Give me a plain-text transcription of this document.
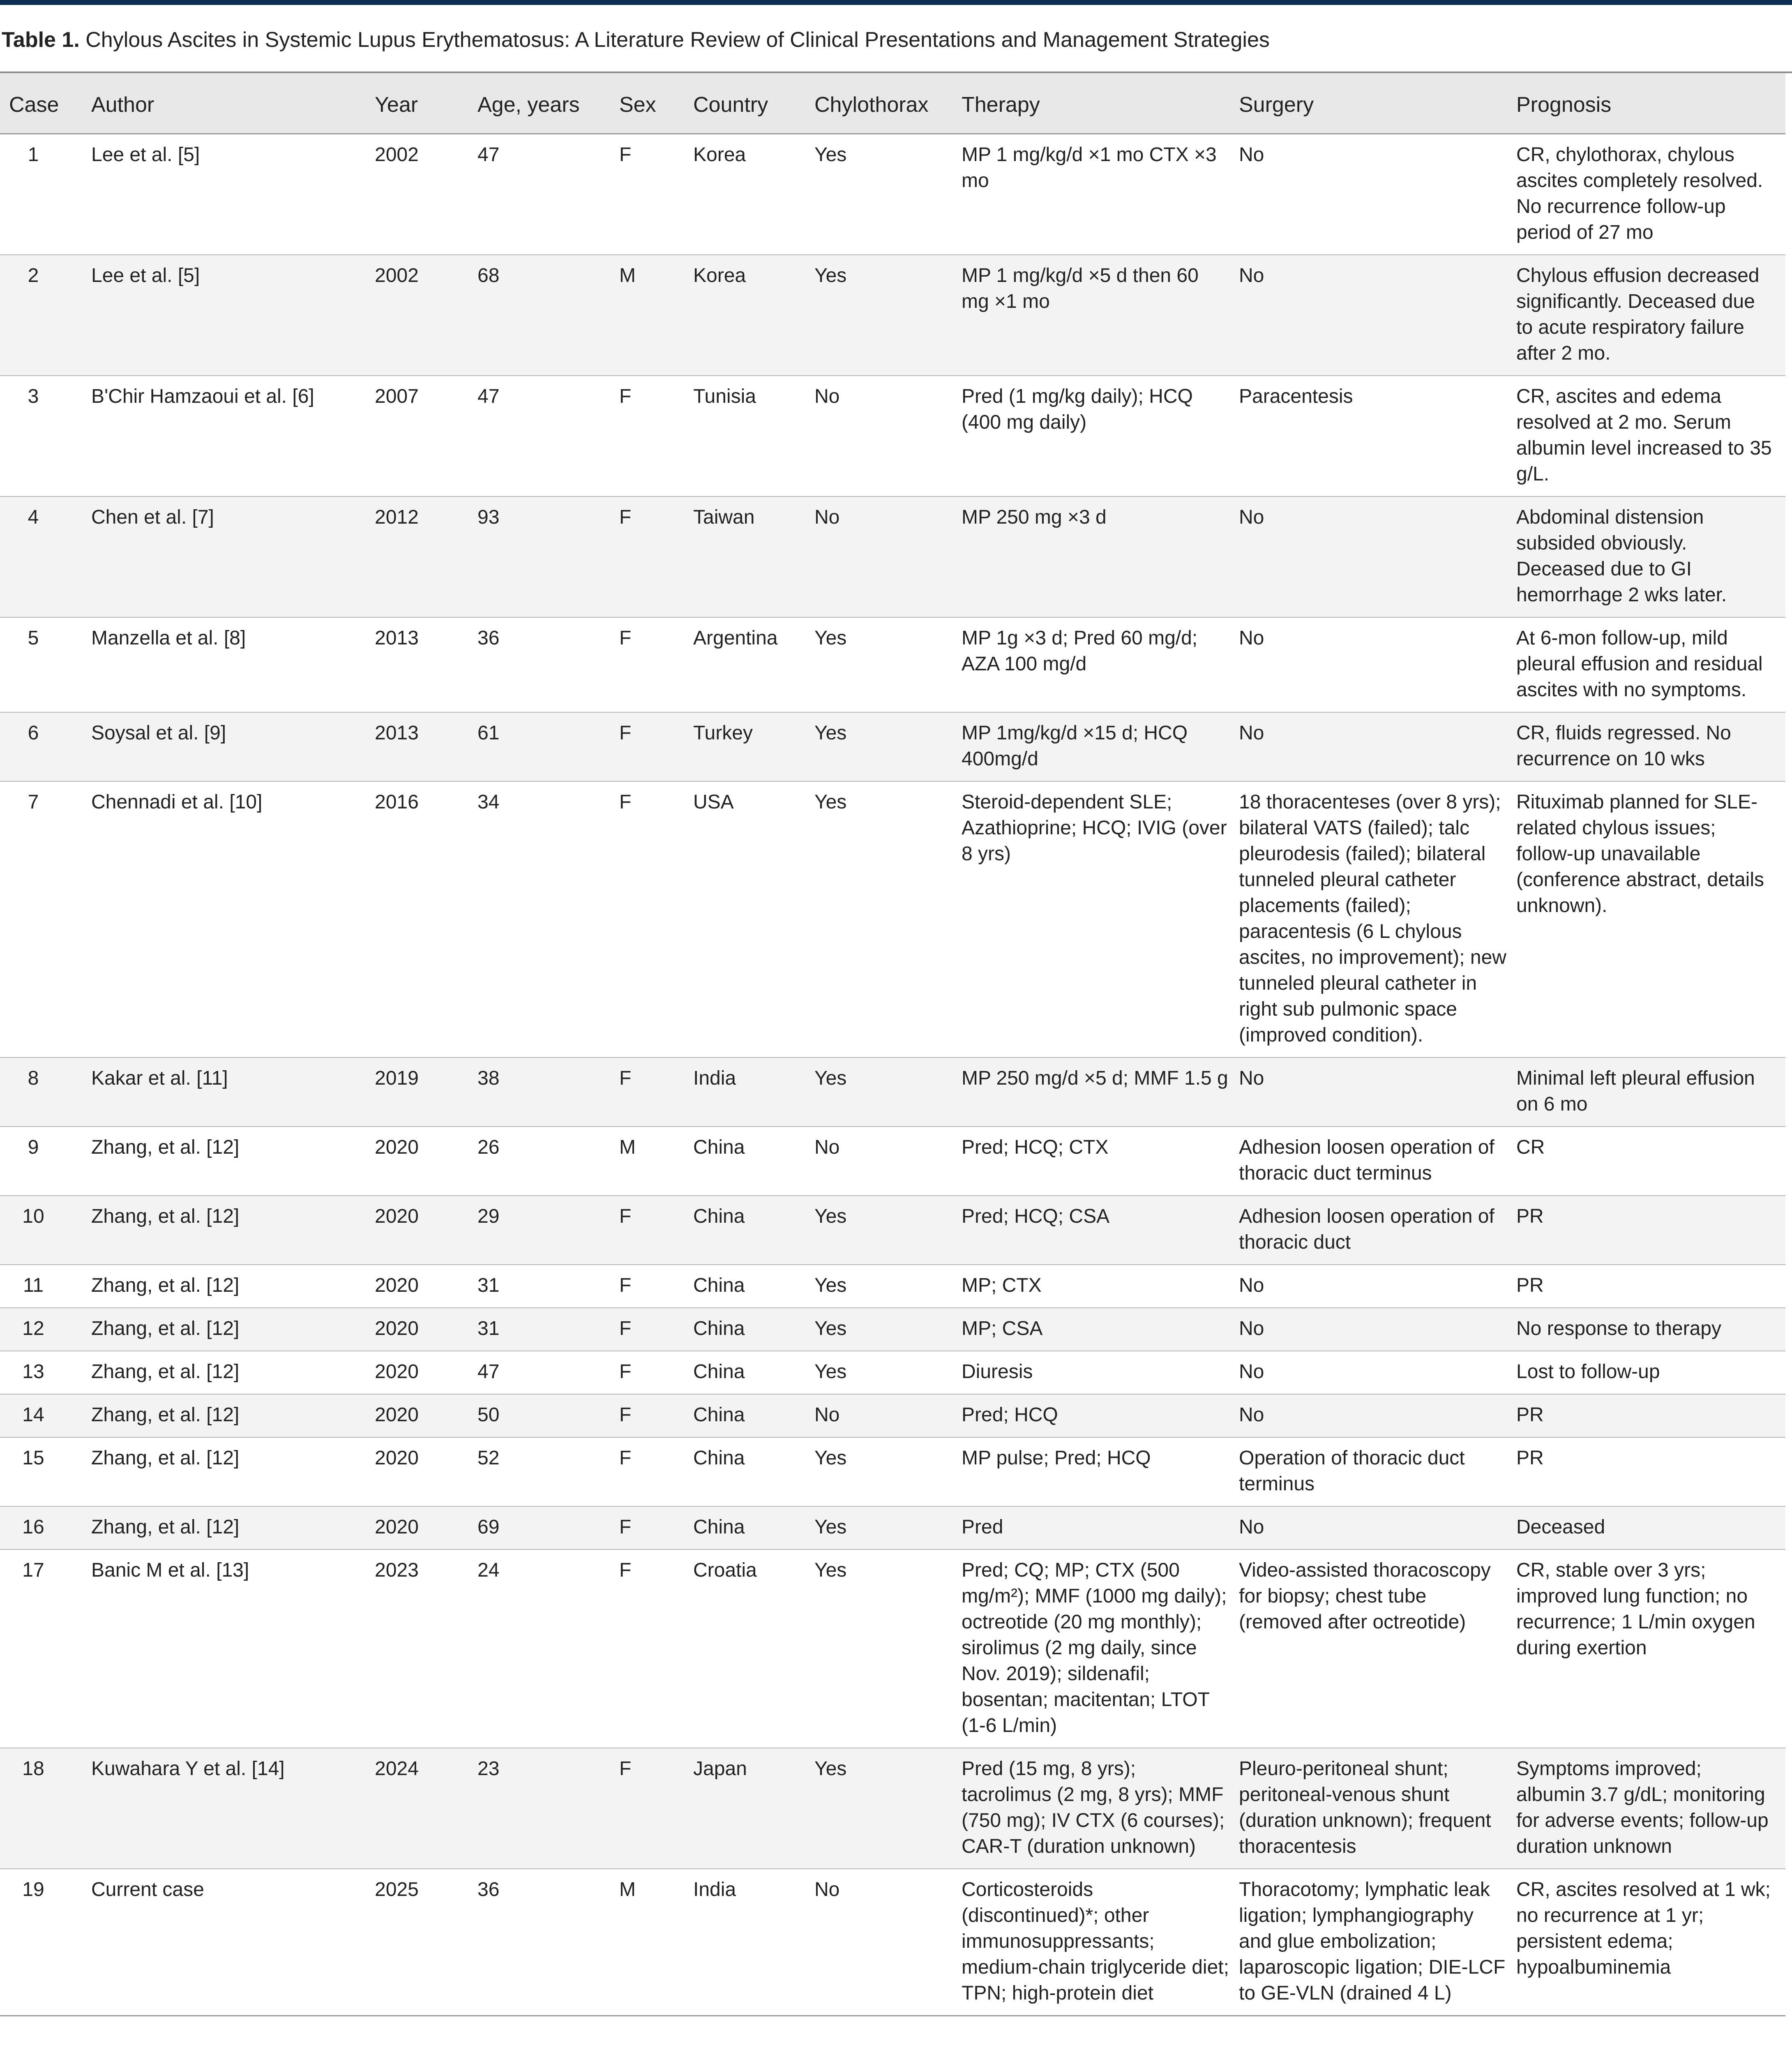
Table 1. Chylous Ascites in Systemic Lupus Erythematosus: A Literature Review of Clinical Presentations and Management Strategies
Case	Author	Year	Age, years	Sex	Country	Chylothorax	Therapy	Surgery	Prognosis
1	Lee et al. [5]	2002	47	F	Korea	Yes	MP 1 mg/kg/d ×1 mo CTX ×3 mo	No	CR, chylothorax, chylous ascites completely resolved. No recurrence follow-up period of 27 mo
2	Lee et al. [5]	2002	68	M	Korea	Yes	MP 1 mg/kg/d ×5 d then 60 mg ×1 mo	No	Chylous effusion decreased significantly. Deceased due to acute respiratory failure after 2 mo.
3	B'Chir Hamzaoui et al. [6]	2007	47	F	Tunisia	No	Pred (1 mg/kg daily); HCQ (400 mg daily)	Paracentesis	CR, ascites and edema resolved at 2 mo. Serum albumin level increased to 35 g/L.
4	Chen et al. [7]	2012	93	F	Taiwan	No	MP 250 mg ×3 d	No	Abdominal distension subsided obviously. Deceased due to GI hemorrhage 2 wks later.
5	Manzella et al. [8]	2013	36	F	Argentina	Yes	MP 1g ×3 d; Pred 60 mg/d; AZA 100 mg/d	No	At 6-mon follow-up, mild pleural effusion and residual ascites with no symptoms.
6	Soysal et al. [9]	2013	61	F	Turkey	Yes	MP 1mg/kg/d ×15 d; HCQ 400mg/d	No	CR, fluids regressed. No recurrence on 10 wks
7	Chennadi et al. [10]	2016	34	F	USA	Yes	Steroid-dependent SLE; Azathioprine; HCQ; IVIG (over 8 yrs)	18 thoracenteses (over 8 yrs); bilateral VATS (failed); talc pleurodesis (failed); bilateral tunneled pleural catheter placements (failed); paracentesis (6 L chylous ascites, no improvement); new tunneled pleural catheter in right sub pulmonic space (improved condition).	Rituximab planned for SLE-related chylous issues; follow-up unavailable (conference abstract, details unknown).
8	Kakar et al. [11]	2019	38	F	India	Yes	MP 250 mg/d ×5 d; MMF 1.5 g	No	Minimal left pleural effusion on 6 mo
9	Zhang, et al. [12]	2020	26	M	China	No	Pred; HCQ; CTX	Adhesion loosen operation of thoracic duct terminus	CR
10	Zhang, et al. [12]	2020	29	F	China	Yes	Pred; HCQ; CSA	Adhesion loosen operation of thoracic duct	PR
11	Zhang, et al. [12]	2020	31	F	China	Yes	MP; CTX	No	PR
12	Zhang, et al. [12]	2020	31	F	China	Yes	MP; CSA	No	No response to therapy
13	Zhang, et al. [12]	2020	47	F	China	Yes	Diuresis	No	Lost to follow-up
14	Zhang, et al. [12]	2020	50	F	China	No	Pred; HCQ	No	PR
15	Zhang, et al. [12]	2020	52	F	China	Yes	MP pulse; Pred; HCQ	Operation of thoracic duct terminus	PR
16	Zhang, et al. [12]	2020	69	F	China	Yes	Pred	No	Deceased
17	Banic M et al. [13]	2023	24	F	Croatia	Yes	Pred; CQ; MP; CTX (500 mg/m²); MMF (1000 mg daily); octreotide (20 mg monthly); sirolimus (2 mg daily, since Nov. 2019); sildenafil; bosentan; macitentan; LTOT (1-6 L/min)	Video-assisted thoracoscopy for biopsy; chest tube (removed after octreotide)	CR, stable over 3 yrs; improved lung function; no recurrence; 1 L/min oxygen during exertion
18	Kuwahara Y et al. [14]	2024	23	F	Japan	Yes	Pred (15 mg, 8 yrs); tacrolimus (2 mg, 8 yrs); MMF (750 mg); IV CTX (6 courses); CAR-T (duration unknown)	Pleuro-peritoneal shunt; peritoneal-venous shunt (duration unknown); frequent thoracentesis	Symptoms improved; albumin 3.7 g/dL; monitoring for adverse events; follow-up duration unknown
19	Current case	2025	36	M	India	No	Corticosteroids (discontinued)*; other immunosuppressants; medium-chain triglyceride diet; TPN; high-protein diet	Thoracotomy; lymphatic leak ligation; lymphangiography and glue embolization; laparoscopic ligation; DIE-LCF to GE-VLN (drained 4 L)	CR, ascites resolved at 1 wk; no recurrence at 1 yr; persistent edema; hypoalbuminemia
